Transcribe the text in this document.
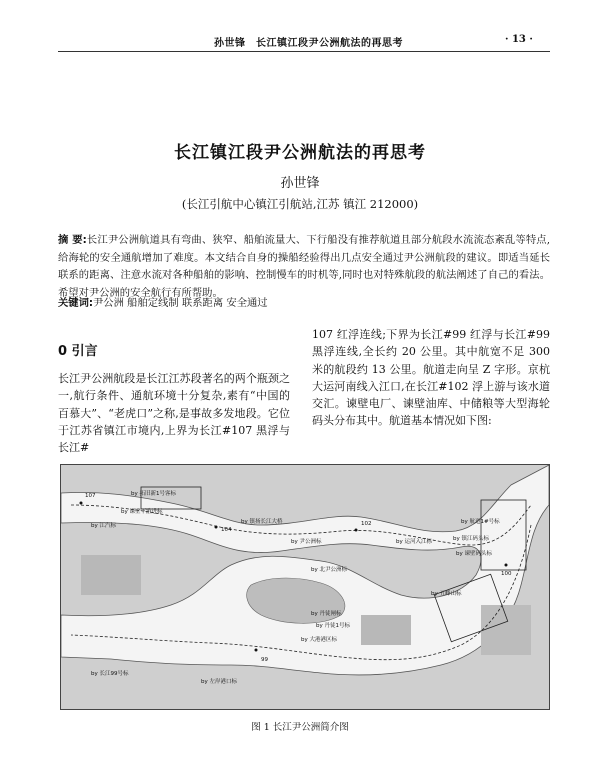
孙世锋 长江镇江段尹公洲航法的再思考	· 13 ·
长江镇江段尹公洲航法的再思考
孙世锋
(长江引航中心镇江引航站,江苏 镇江 212000)
摘 要:长江尹公洲航道具有弯曲、狭窄、船舶流量大、下行船没有推荐航道且部分航段水流流态紊乱等特点,给海轮的安全通航增加了难度。本文结合自身的操船经验得出几点安全通过尹公洲航段的建议。即适当延长联系的距离、注意水流对各种船舶的影响、控制慢车的时机等,同时也对特殊航段的航法阐述了自己的看法。希望对尹公洲的安全航行有所帮助。
关键词:尹公洲 船舶定线制 联系距离 安全通过
0 引言
长江尹公洲航段是长江江苏段著名的两个瓶颈之一,航行条件、通航环境十分复杂,素有“中国的百慕大”、“老虎口”之称,是事故多发地段。它位于江苏省镇江市境内,上界为长江#107 黑浮与长江#
107 红浮连线;下界为长江#99 红浮与长江#99 黑浮连线,全长约 20 公里。其中航宽不足 300 米的航段约 13 公里。航道走向呈 Z 字形。京杭大运河南线入江口,在长江#102 浮上游与该水道交汇。谏壁电厂、谏壁油库、中储粮等大型海轮码头分布其中。航道基本情况如下图:
by 拓旧新1号客标
by 谏壁下游进标
by 江汽标
by 镇扬长江大桥
by 尹公洲标
by 北尹公洲标
by 运河入江标
by 航道1#号标
by 镇江码头标
by 谏壁码头标
by 五峰山标
by 丹徒闸标
by 丹徒1号标
by 大港港区标
by 左岸港口标
by 长江99号标
107
104
102
100
99
图 1 长江尹公洲简介图
